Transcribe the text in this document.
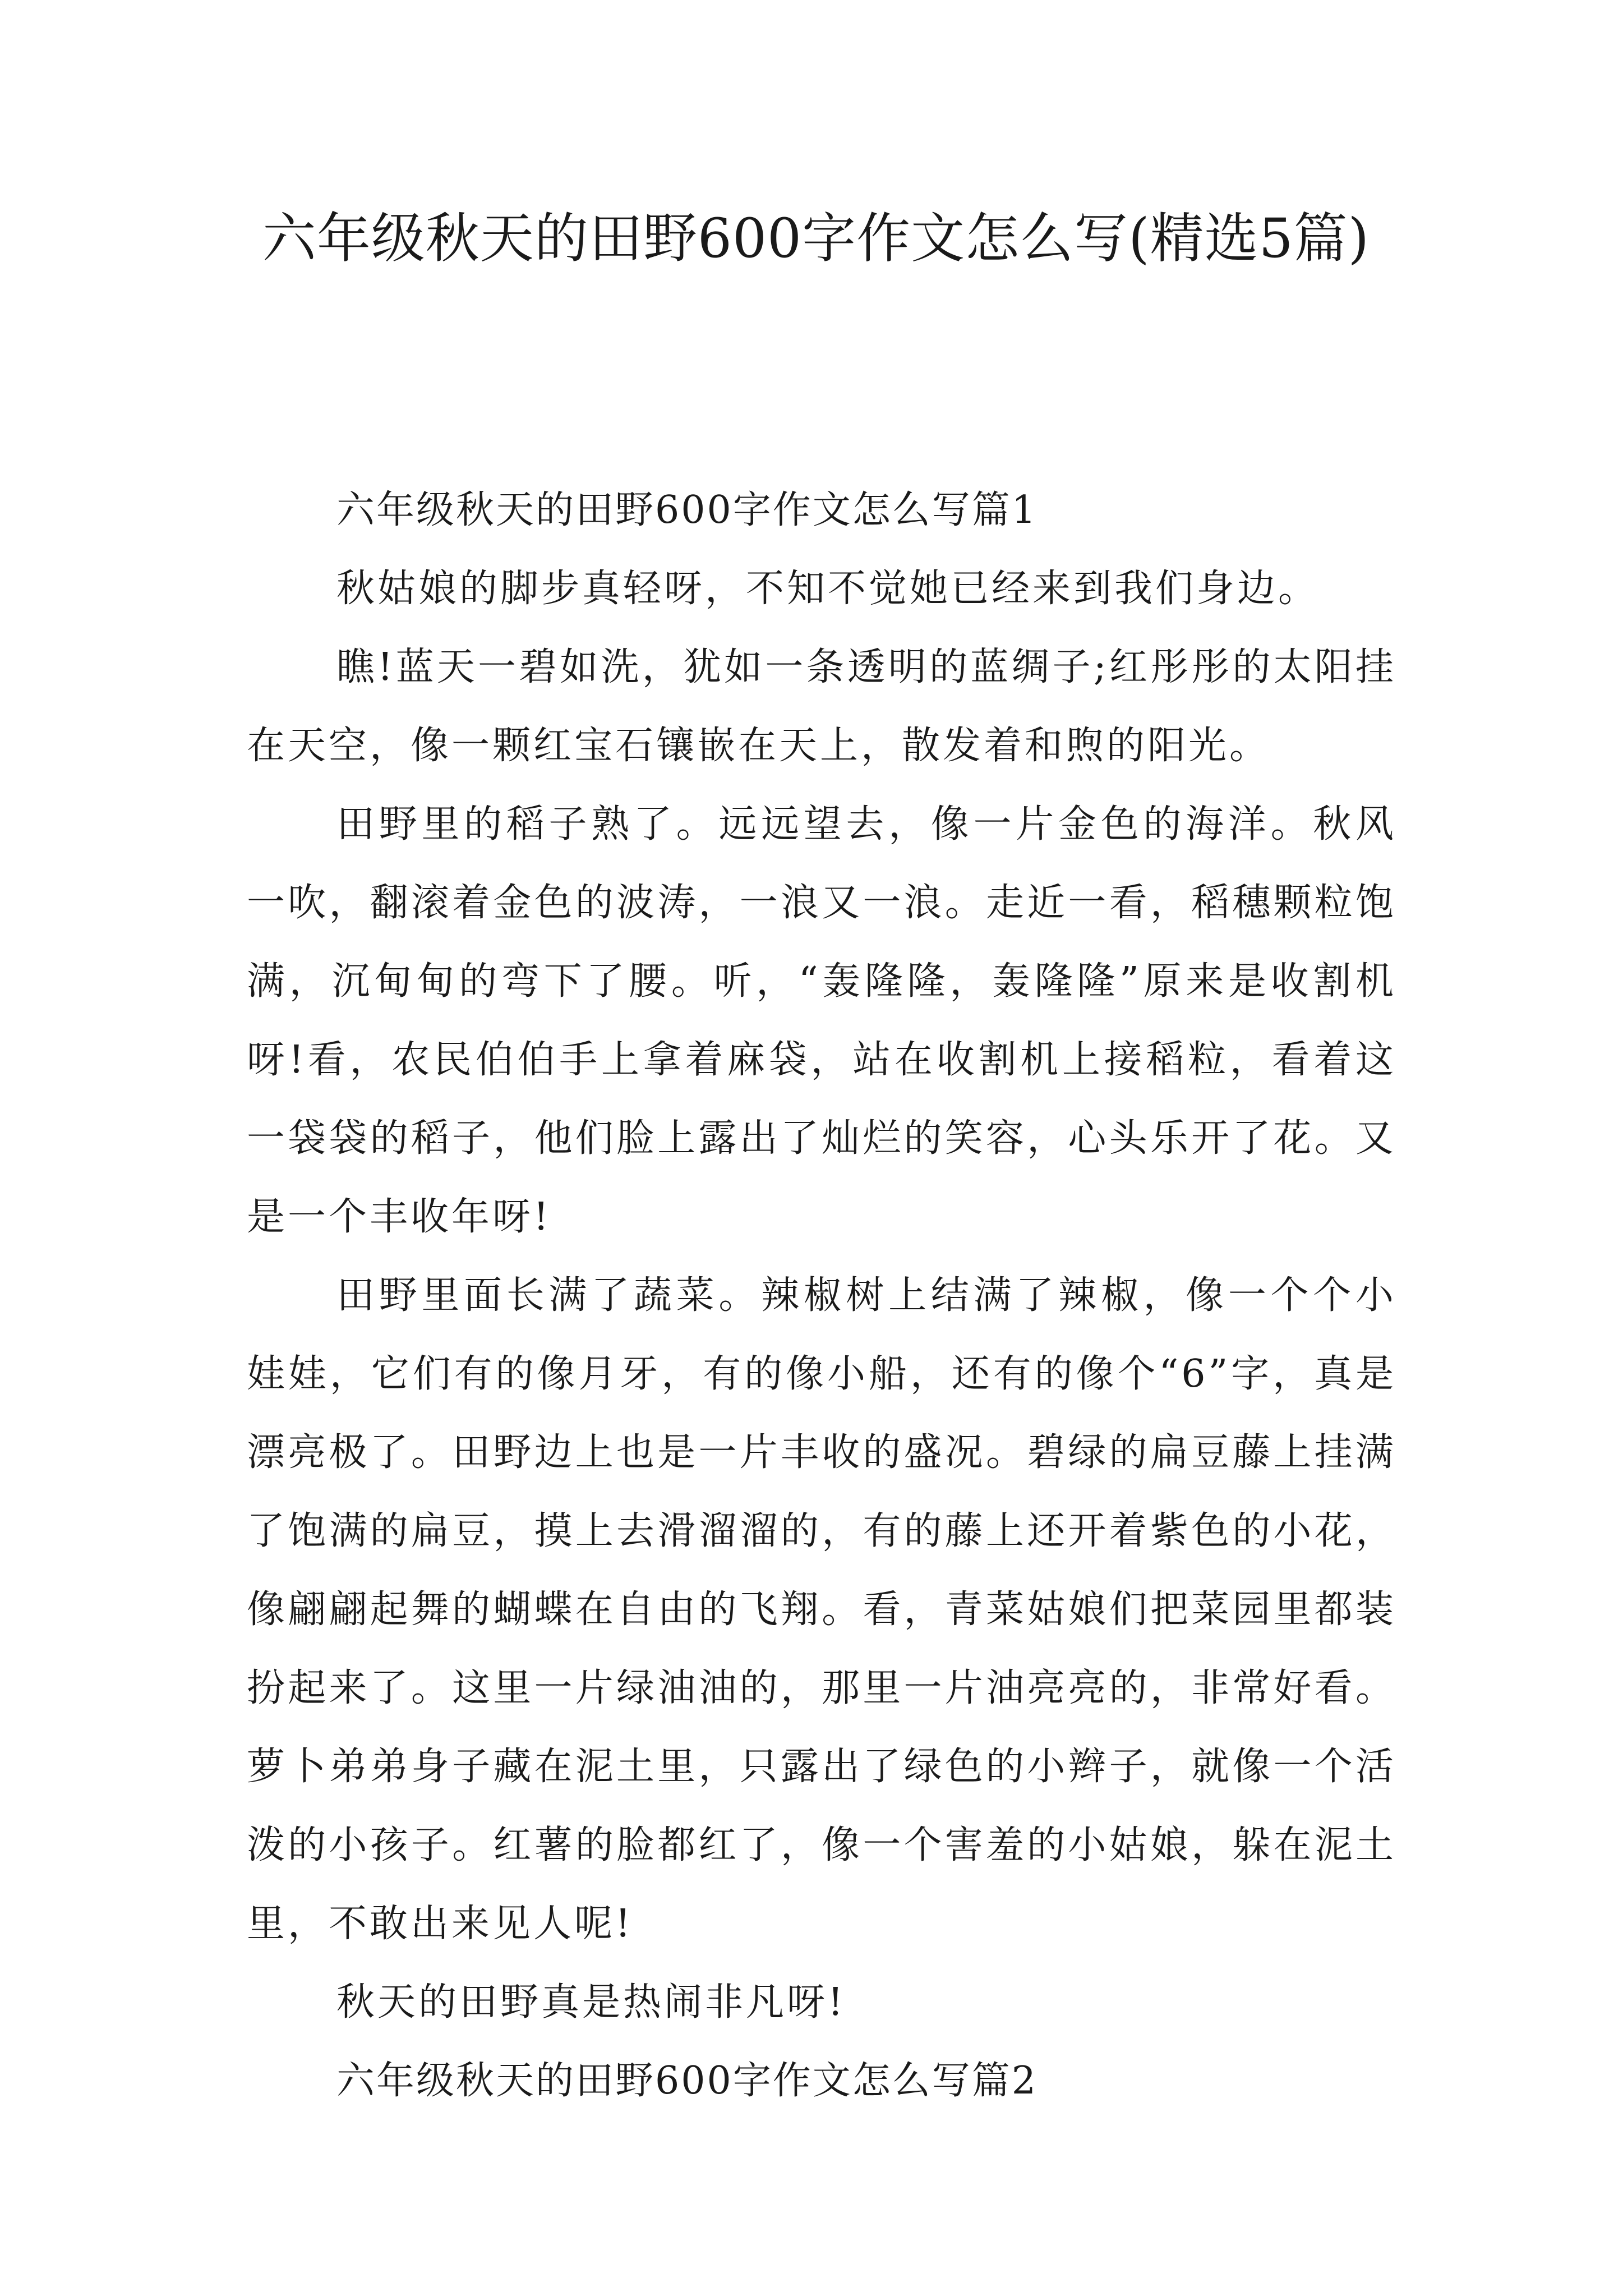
六年级秋天的田野600字作文怎么写(精选5篇)

六年级秋天的田野600字作文怎么写篇1

秋姑娘的脚步真轻呀，不知不觉她已经来到我们身边。

瞧!蓝天一碧如洗，犹如一条透明的蓝绸子;红彤彤的太阳挂在天空，像一颗红宝石镶嵌在天上，散发着和煦的阳光。

田野里的稻子熟了。远远望去，像一片金色的海洋。秋风一吹，翻滚着金色的波涛，一浪又一浪。走近一看，稻穗颗粒饱满，沉甸甸的弯下了腰。听，“轰隆隆，轰隆隆”原来是收割机呀!看，农民伯伯手上拿着麻袋，站在收割机上接稻粒，看着这一袋袋的稻子，他们脸上露出了灿烂的笑容，心头乐开了花。又是一个丰收年呀!

田野里面长满了蔬菜。辣椒树上结满了辣椒，像一个个小娃娃，它们有的像月牙，有的像小船，还有的像个“6”字，真是漂亮极了。田野边上也是一片丰收的盛况。碧绿的扁豆藤上挂满了饱满的扁豆，摸上去滑溜溜的，有的藤上还开着紫色的小花，像翩翩起舞的蝴蝶在自由的飞翔。看，青菜姑娘们把菜园里都装扮起来了。这里一片绿油油的，那里一片油亮亮的，非常好看。萝卜弟弟身子藏在泥土里，只露出了绿色的小辫子，就像一个活泼的小孩子。红薯的脸都红了，像一个害羞的小姑娘，躲在泥土里，不敢出来见人呢!

秋天的田野真是热闹非凡呀!

六年级秋天的田野600字作文怎么写篇2
